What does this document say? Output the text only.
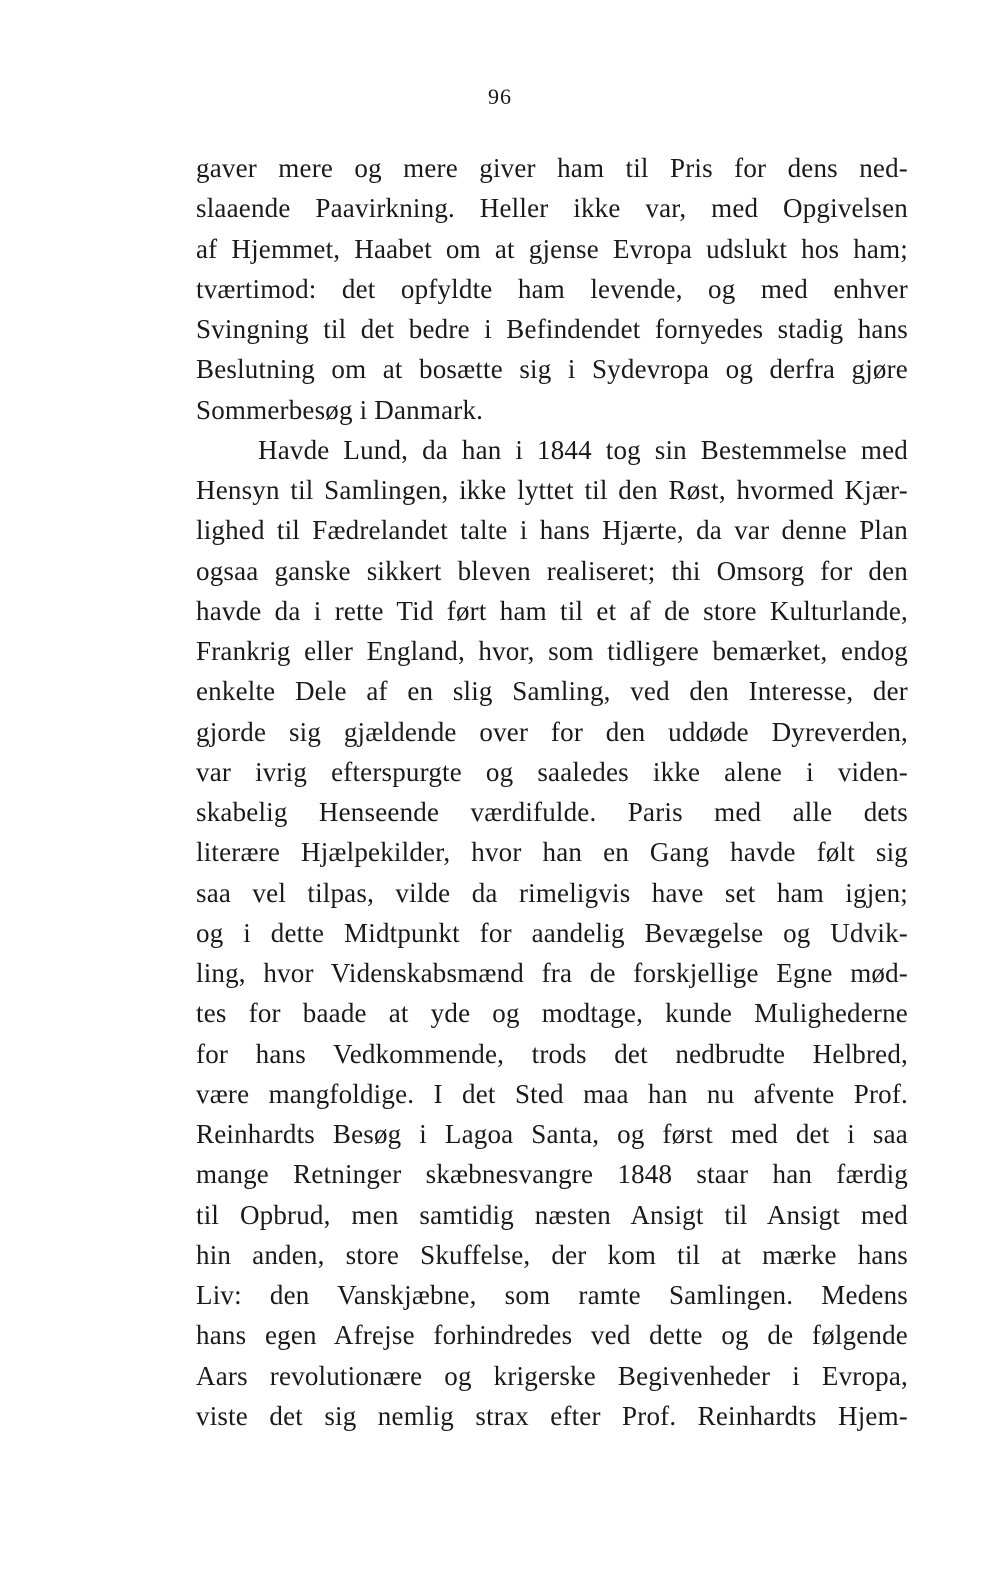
96
gaver mere og mere giver ham til Pris for dens ned-
slaaende Paavirkning. Heller ikke var, med Opgivelsen
af Hjemmet, Haabet om at gjense Evropa udslukt hos ham;
tværtimod: det opfyldte ham levende, og med enhver
Svingning til det bedre i Befindendet fornyedes stadig hans
Beslutning om at bosætte sig i Sydevropa og derfra gjøre
Sommerbesøg i Danmark.
Havde Lund, da han i 1844 tog sin Bestemmelse med
Hensyn til Samlingen, ikke lyttet til den Røst, hvormed Kjær-
lighed til Fædrelandet talte i hans Hjærte, da var denne Plan
ogsaa ganske sikkert bleven realiseret; thi Omsorg for den
havde da i rette Tid ført ham til et af de store Kulturlande,
Frankrig eller England, hvor, som tidligere bemærket, endog
enkelte Dele af en slig Samling, ved den Interesse, der
gjorde sig gjældende over for den uddøde Dyreverden,
var ivrig efterspurgte og saaledes ikke alene i viden-
skabelig Henseende værdifulde. Paris med alle dets
literære Hjælpekilder, hvor han en Gang havde følt sig
saa vel tilpas, vilde da rimeligvis have set ham igjen;
og i dette Midtpunkt for aandelig Bevægelse og Udvik-
ling, hvor Videnskabsmænd fra de forskjellige Egne mød-
tes for baade at yde og modtage, kunde Mulighederne
for hans Vedkommende, trods det nedbrudte Helbred,
være mangfoldige. I det Sted maa han nu afvente Prof.
Reinhardts Besøg i Lagoa Santa, og først med det i saa
mange Retninger skæbnesvangre 1848 staar han færdig
til Opbrud, men samtidig næsten Ansigt til Ansigt med
hin anden, store Skuffelse, der kom til at mærke hans
Liv: den Vanskjæbne, som ramte Samlingen. Medens
hans egen Afrejse forhindredes ved dette og de følgende
Aars revolutionære og krigerske Begivenheder i Evropa,
viste det sig nemlig strax efter Prof. Reinhardts Hjem-
